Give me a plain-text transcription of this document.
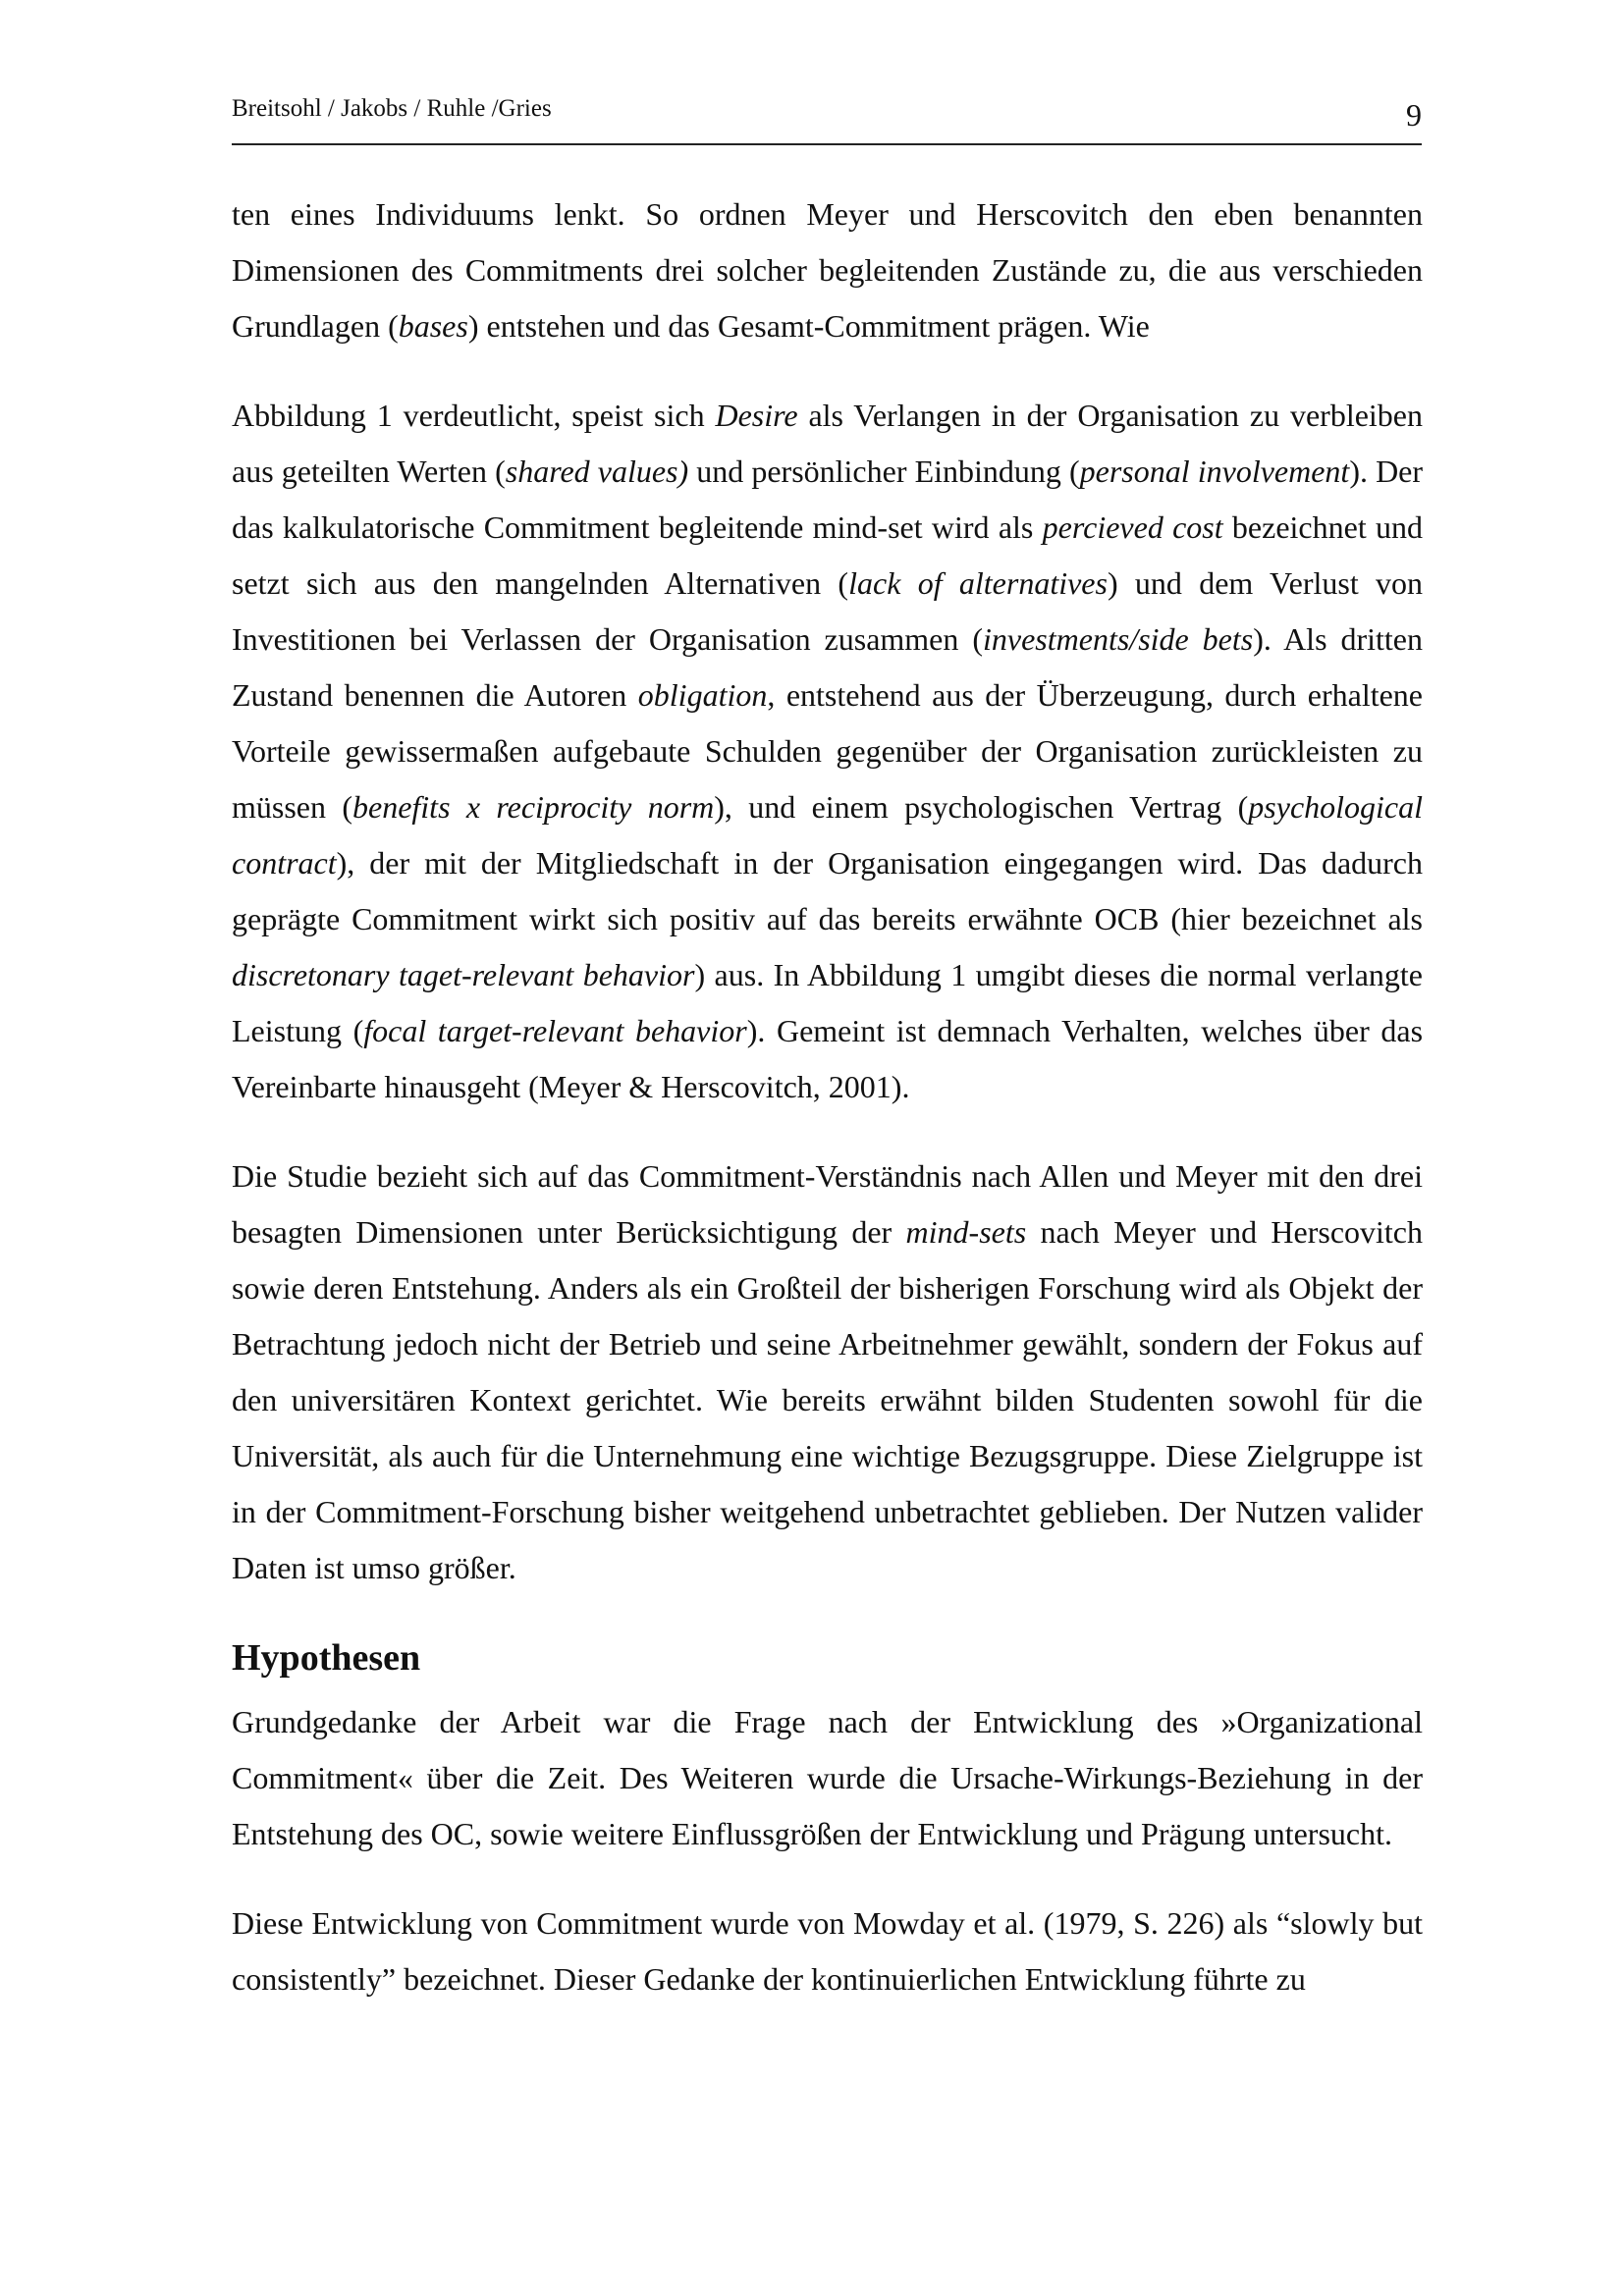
Breitsohl / Jakobs / Ruhle /Gries	9

ten eines Individuums lenkt. So ordnen Meyer und Herscovitch den eben benannten Dimensionen des Commitments drei solcher begleitenden Zustände zu, die aus verschieden Grundlagen (bases) entstehen und das Gesamt-Commitment prägen. Wie

Abbildung 1 verdeutlicht, speist sich Desire als Verlangen in der Organisation zu verbleiben aus geteilten Werten (shared values) und persönlicher Einbindung (personal involvement). Der das kalkulatorische Commitment begleitende mind-set wird als percieved cost bezeichnet und setzt sich aus den mangelnden Alternativen (lack of alternatives) und dem Verlust von Investitionen bei Verlassen der Organisation zusammen (investments/side bets). Als dritten Zustand benennen die Autoren obligation, entstehend aus der Überzeugung, durch erhaltene Vorteile gewissermaßen aufgebaute Schulden gegenüber der Organisation zurückleisten zu müssen (benefits x reciprocity norm), und einem psychologischen Vertrag (psychological contract), der mit der Mitgliedschaft in der Organisation eingegangen wird. Das dadurch geprägte Commitment wirkt sich positiv auf das bereits erwähnte OCB (hier bezeichnet als discretonary taget-relevant behavior) aus. In Abbildung 1 umgibt dieses die normal verlangte Leistung (focal target-relevant behavior). Gemeint ist demnach Verhalten, welches über das Vereinbarte hinausgeht (Meyer & Herscovitch, 2001).

Die Studie bezieht sich auf das Commitment-Verständnis nach Allen und Meyer mit den drei besagten Dimensionen unter Berücksichtigung der mind-sets nach Meyer und Herscovitch sowie deren Entstehung. Anders als ein Großteil der bisherigen Forschung wird als Objekt der Betrachtung jedoch nicht der Betrieb und seine Arbeitnehmer gewählt, sondern der Fokus auf den universitären Kontext gerichtet. Wie bereits erwähnt bilden Studenten sowohl für die Universität, als auch für die Unternehmung eine wichtige Bezugsgruppe. Diese Zielgruppe ist in der Commitment-Forschung bisher weitgehend unbetrachtet geblieben. Der Nutzen valider Daten ist umso größer.

Hypothesen

Grundgedanke der Arbeit war die Frage nach der Entwicklung des »Organizational Commitment« über die Zeit. Des Weiteren wurde die Ursache-Wirkungs-Beziehung in der Entstehung des OC, sowie weitere Einflussgrößen der Entwicklung und Prägung untersucht.

Diese Entwicklung von Commitment wurde von Mowday et al. (1979, S. 226) als “slowly but consistently” bezeichnet. Dieser Gedanke der kontinuierlichen Entwicklung führte zu
